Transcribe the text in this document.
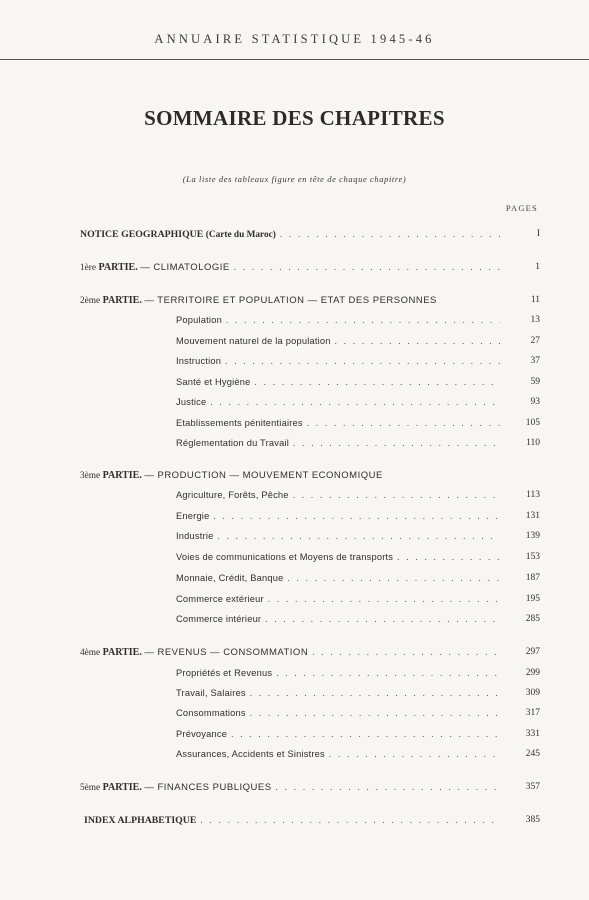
ANNUAIRE STATISTIQUE 1945-46
SOMMAIRE DES CHAPITRES
(La liste des tableaux figure en tête de chaque chapitre)
PAGES
NOTICE GEOGRAPHIQUE (Carte du Maroc) . . .	I
1ère PARTIE. — CLIMATOLOGIE . . .	1
2ème PARTIE. — TERRITOIRE ET POPULATION — ETAT DES PERSONNES	11
Population . . .	13
Mouvement naturel de la population . . .	27
Instruction . . .	37
Santé et Hygiène . . .	59
Justice . . .	93
Etablissements pénitentiaires . . .	105
Réglementation du Travail . . .	110
3ème PARTIE. — PRODUCTION — MOUVEMENT ECONOMIQUE
Agriculture, Forêts, Pêche . . .	113
Energie . . .	131
Industrie . . .	139
Voies de communications et Moyens de transports . . .	153
Monnaie, Crédit, Banque . . .	187
Commerce extérieur . . .	195
Commerce intérieur . . .	285
4ème PARTIE. — REVENUS — CONSOMMATION . . .	297
Propriétés et Revenus . . .	299
Travail, Salaires . . .	309
Consommations . . .	317
Prévoyance . . .	331
Assurances, Accidents et Sinistres . . .	245
5ème PARTIE. — FINANCES PUBLIQUES . . .	357
INDEX ALPHABETIQUE . . .	385
